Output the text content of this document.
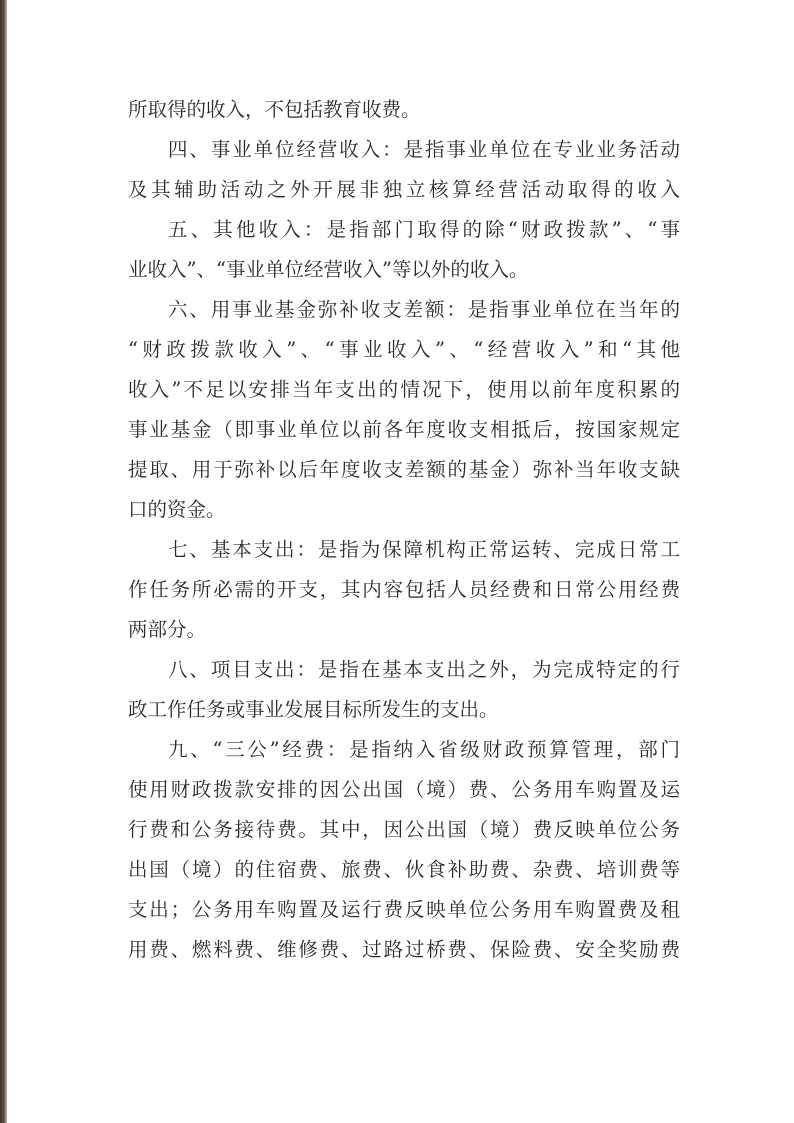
所取得的收入，不包括教育收费。
四、事业单位经营收入：是指事业单位在专业业务活动
及其辅助活动之外开展非独立核算经营活动取得的收入
五、其他收入：是指部门取得的除“财政拨款”、“事
业收入”、“事业单位经营收入”等以外的收入。
六、用事业基金弥补收支差额：是指事业单位在当年的
“财政拨款收入”、“事业收入”、“经营收入”和“其他
收入”不足以安排当年支出的情况下，使用以前年度积累的
事业基金（即事业单位以前各年度收支相抵后，按国家规定
提取、用于弥补以后年度收支差额的基金）弥补当年收支缺
口的资金。
七、基本支出：是指为保障机构正常运转、完成日常工
作任务所必需的开支，其内容包括人员经费和日常公用经费
两部分。
八、项目支出：是指在基本支出之外，为完成特定的行
政工作任务或事业发展目标所发生的支出。
九、“三公”经费：是指纳入省级财政预算管理，部门
使用财政拨款安排的因公出国（境）费、公务用车购置及运
行费和公务接待费。其中，因公出国（境）费反映单位公务
出国（境）的住宿费、旅费、伙食补助费、杂费、培训费等
支出；公务用车购置及运行费反映单位公务用车购置费及租
用费、燃料费、维修费、过路过桥费、保险费、安全奖励费
